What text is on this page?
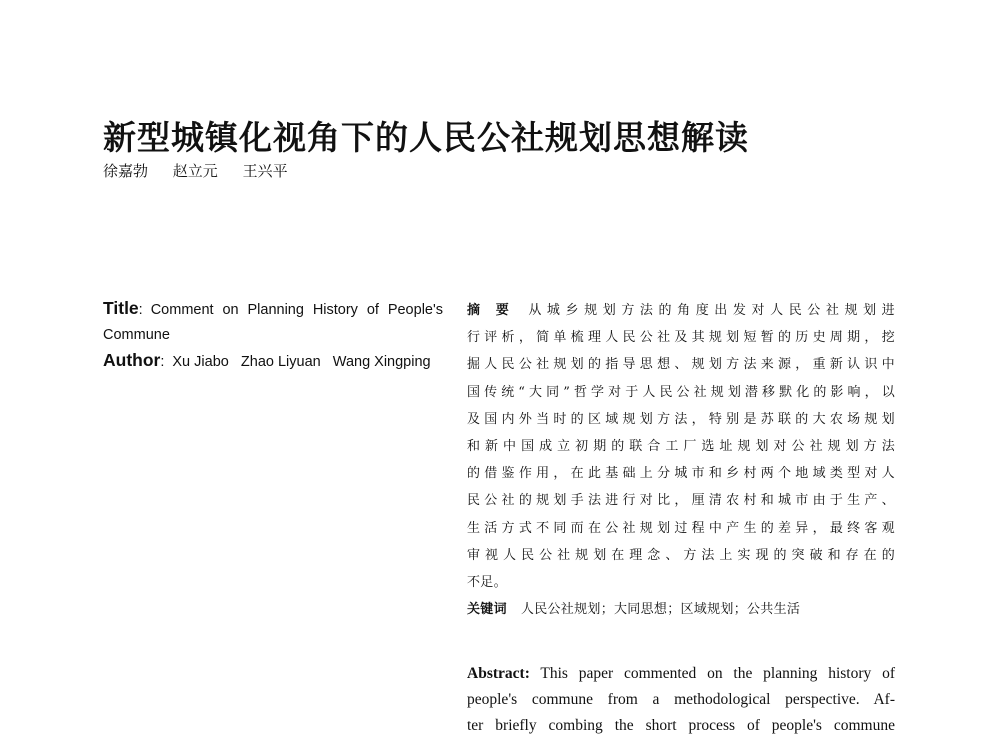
新型城镇化视角下的人民公社规划思想解读
徐嘉勃 赵立元 王兴平
Title: Comment on Planning History of People's Commune
Author: Xu Jiabo   Zhao Liyuan   Wang Xingping
摘 要 从城乡规划方法的角度出发对人民公社规划进
行评析，简单梳理人民公社及其规划短暂的历史周期，挖
掘人民公社规划的指导思想、规划方法来源，重新认识中
国传统“大同”哲学对于人民公社规划潜移默化的影响，以
及国内外当时的区域规划方法，特别是苏联的大农场规划
和新中国成立初期的联合工厂选址规划对公社规划方法
的借鉴作用，在此基础上分城市和乡村两个地域类型对人
民公社的规划手法进行对比，厘清农村和城市由于生产、
生活方式不同而在公社规划过程中产生的差异，最终客观
审视人民公社规划在理念、方法上实现的突破和存在的
不足。
关键词 人民公社规划；大同思想；区域规划；公共生活
Abstract: This paper commented on the planning history of
people's commune from a methodological perspective. Af-
ter briefly combing the short process of people's commune
